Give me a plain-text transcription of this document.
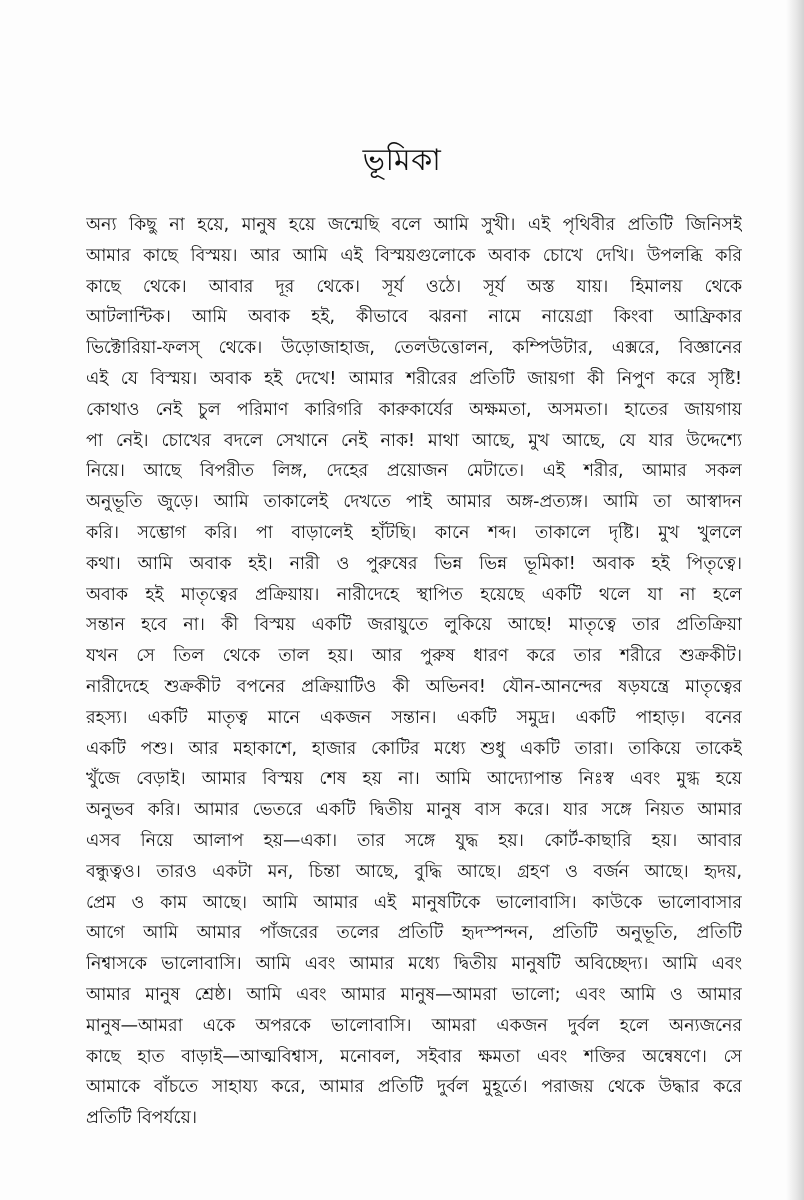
ভূমিকা
অন্য কিছু না হয়ে, মানুষ হয়ে জন্মেছি বলে আমি সুখী। এই পৃথিবীর প্রতিটি জিনিসই
আমার কাছে বিস্ময়। আর আমি এই বিস্ময়গুলোকে অবাক চোখে দেখি। উপলব্ধি করি
কাছে থেকে। আবার দূর থেকে। সূর্য ওঠে। সূর্য অস্ত যায়। হিমালয় থেকে
আটলান্টিক। আমি অবাক হই, কীভাবে ঝরনা নামে নায়েগ্রা কিংবা আফ্রিকার
ভিক্টোরিয়া-ফলস্ থেকে। উড়োজাহাজ, তেলউত্তোলন, কম্পিউটার, এক্সরে, বিজ্ঞানের
এই যে বিস্ময়। অবাক হই দেখে! আমার শরীরের প্রতিটি জায়গা কী নিপুণ করে সৃষ্টি!
কোথাও নেই চুল পরিমাণ কারিগরি কারুকার্যের অক্ষমতা, অসমতা। হাতের জায়গায়
পা নেই। চোখের বদলে সেখানে নেই নাক! মাথা আছে, মুখ আছে, যে যার উদ্দেশ্যে
নিয়ে। আছে বিপরীত লিঙ্গ, দেহের প্রয়োজন মেটাতে। এই শরীর, আমার সকল
অনুভূতি জুড়ে। আমি তাকালেই দেখতে পাই আমার অঙ্গ-প্রত্যঙ্গ। আমি তা আস্বাদন
করি। সম্ভোগ করি। পা বাড়ালেই হাঁটছি। কানে শব্দ। তাকালে দৃষ্টি। মুখ খুললে
কথা। আমি অবাক হই। নারী ও পুরুষের ভিন্ন ভিন্ন ভূমিকা! অবাক হই পিতৃত্বে।
অবাক হই মাতৃত্বের প্রক্রিয়ায়। নারীদেহে স্থাপিত হয়েছে একটি থলে যা না হলে
সন্তান হবে না। কী বিস্ময় একটি জরায়ুতে লুকিয়ে আছে! মাতৃত্বে তার প্রতিক্রিয়া
যখন সে তিল থেকে তাল হয়। আর পুরুষ ধারণ করে তার শরীরে শুক্রকীট।
নারীদেহে শুক্রকীট বপনের প্রক্রিয়াটিও কী অভিনব! যৌন-আনন্দের ষড়যন্ত্রে মাতৃত্বের
রহস্য। একটি মাতৃত্ব মানে একজন সন্তান। একটি সমুদ্র। একটি পাহাড়। বনের
একটি পশু। আর মহাকাশে, হাজার কোটির মধ্যে শুধু একটি তারা। তাকিয়ে তাকেই
খুঁজে বেড়াই। আমার বিস্ময় শেষ হয় না। আমি আদ্যোপান্ত নিঃস্ব এবং মুগ্ধ হয়ে
অনুভব করি। আমার ভেতরে একটি দ্বিতীয় মানুষ বাস করে। যার সঙ্গে নিয়ত আমার
এসব নিয়ে আলাপ হয়—একা। তার সঙ্গে যুদ্ধ হয়। কোর্ট-কাছারি হয়। আবার
বন্ধুত্বও। তারও একটা মন, চিন্তা আছে, বুদ্ধি আছে। গ্রহণ ও বর্জন আছে। হৃদয়,
প্রেম ও কাম আছে। আমি আমার এই মানুষটিকে ভালোবাসি। কাউকে ভালোবাসার
আগে আমি আমার পাঁজরের তলের প্রতিটি হৃদস্পন্দন, প্রতিটি অনুভূতি, প্রতিটি
নিশ্বাসকে ভালোবাসি। আমি এবং আমার মধ্যে দ্বিতীয় মানুষটি অবিচ্ছেদ্য। আমি এবং
আমার মানুষ শ্রেষ্ঠ। আমি এবং আমার মানুষ—আমরা ভালো; এবং আমি ও আমার
মানুষ—আমরা একে অপরকে ভালোবাসি। আমরা একজন দুর্বল হলে অন্যজনের
কাছে হাত বাড়াই—আত্মবিশ্বাস, মনোবল, সইবার ক্ষমতা এবং শক্তির অন্বেষণে। সে
আমাকে বাঁচতে সাহায্য করে, আমার প্রতিটি দুর্বল মুহূর্তে। পরাজয় থেকে উদ্ধার করে
প্রতিটি বিপর্যয়ে।
